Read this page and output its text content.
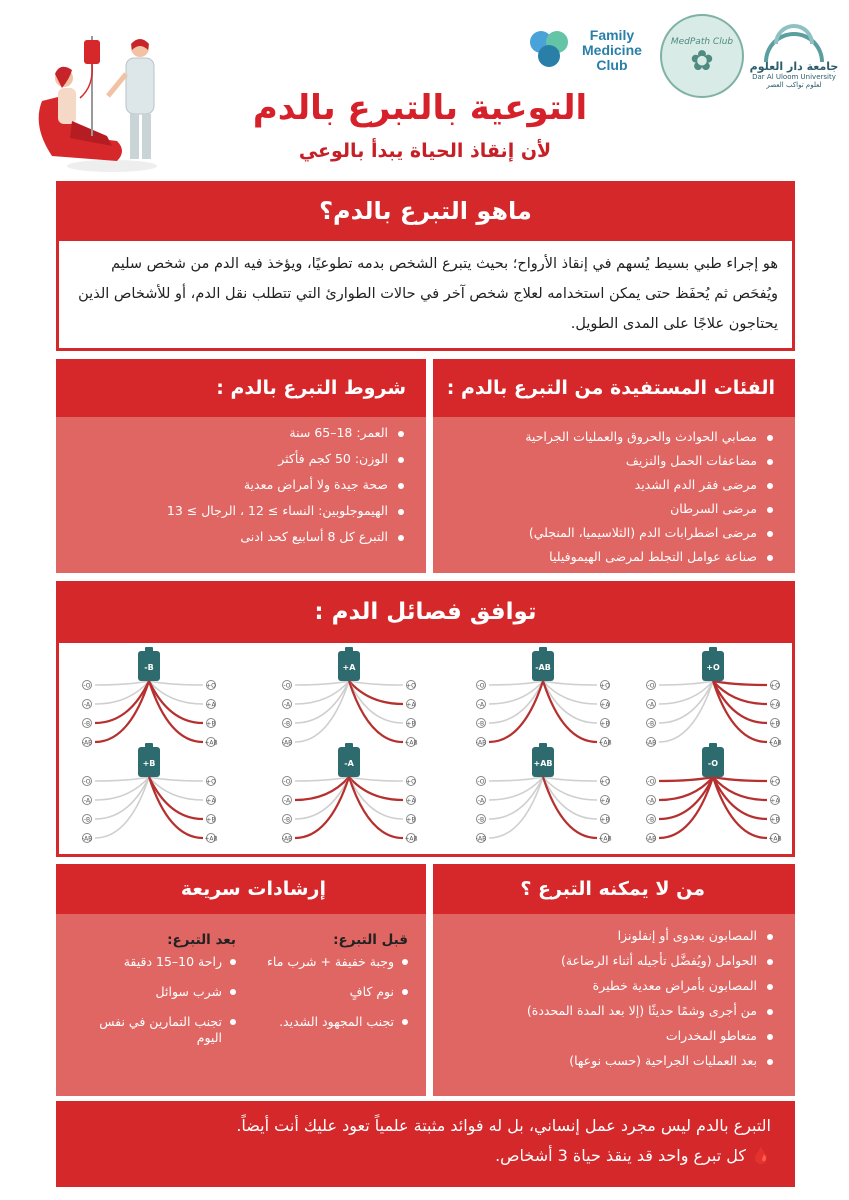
جامعة دار العلوم
Dar Al Uloom University
لعلوم تواكب العصر
MedPath Club
✿
Family
Medicine
Club
التوعية بالتبرع بالدم
لأن إنقاذ الحياة يبدأ بالوعي
ماهو التبرع بالدم؟
هو إجراء طبي بسيط يُسهم في إنقاذ الأرواح؛ بحيث يتبرع الشخص بدمه تطوعيًا، ويؤخذ فيه الدم من شخص سليم ويُفحَص ثم يُحفَظ حتى يمكن استخدامه لعلاج شخص آخر في حالات الطوارئ التي تتطلب نقل الدم، أو للأشخاص الذين يحتاجون علاجًا على المدى الطويل.
الفئات المستفيدة من التبرع بالدم :
مصابي الحوادث والحروق والعمليات الجراحية
مضاعفات الحمل والنزيف
مرضى فقر الدم الشديد
مرضى السرطان
مرضى اضطرابات الدم (الثلاسيميا، المنجلي)
صناعة عوامل التجلط لمرضى الهيموفيليا
شروط التبرع بالدم :
العمر: 18–65 سنة
الوزن: 50 كجم فأكثر
صحة جيدة ولا أمراض معدية
الهيموجلوبين: النساء ≥ 12 ، الرجال ≥ 13
التبرع كل 8 أسابيع كحد ادنى
توافق فصائل الدم :
O-	O+
A-	A+
B-	B+
AB-	AB+
O+
O-	O+
A-	A+
B-	B+
AB-	AB+
AB-
O-	O+
A-	A+
B-	B+
AB-	AB+
A+
O-	O+
A-	A+
B-	B+
AB-	AB+
B-
O-	O+
A-	A+
B-	B+
AB-	AB+
O-
O-	O+
A-	A+
B-	B+
AB-	AB+
AB+
O-	O+
A-	A+
B-	B+
AB-	AB+
A-
O-	O+
A-	A+
B-	B+
AB-	AB+
B+
من لا يمكنه التبرع ؟
المصابون بعدوى أو إنفلونزا
الحوامل (ويُفضَّل تأجيله أثناء الرضاعة)
المصابون بأمراض معدية خطيرة
من أجرى وشمًا حديثًا (إلا بعد المدة المحددة)
متعاطو المخدرات
بعد العمليات الجراحية (حسب نوعها)
إرشادات سريعة
قبل التبرع:
وجبة خفيفة + شرب ماء
نوم كافٍ
تجنب المجهود الشديد.
بعد التبرع:
راحة 10–15 دقيقة
شرب سوائل
تجنب التمارين في نفس اليوم
التبرع بالدم ليس مجرد عمل إنساني، بل له فوائد مثبتة علمياً تعود عليك أنت أيضاً.
🩸 كل تبرع واحد قد ينقذ حياة 3 أشخاص.
